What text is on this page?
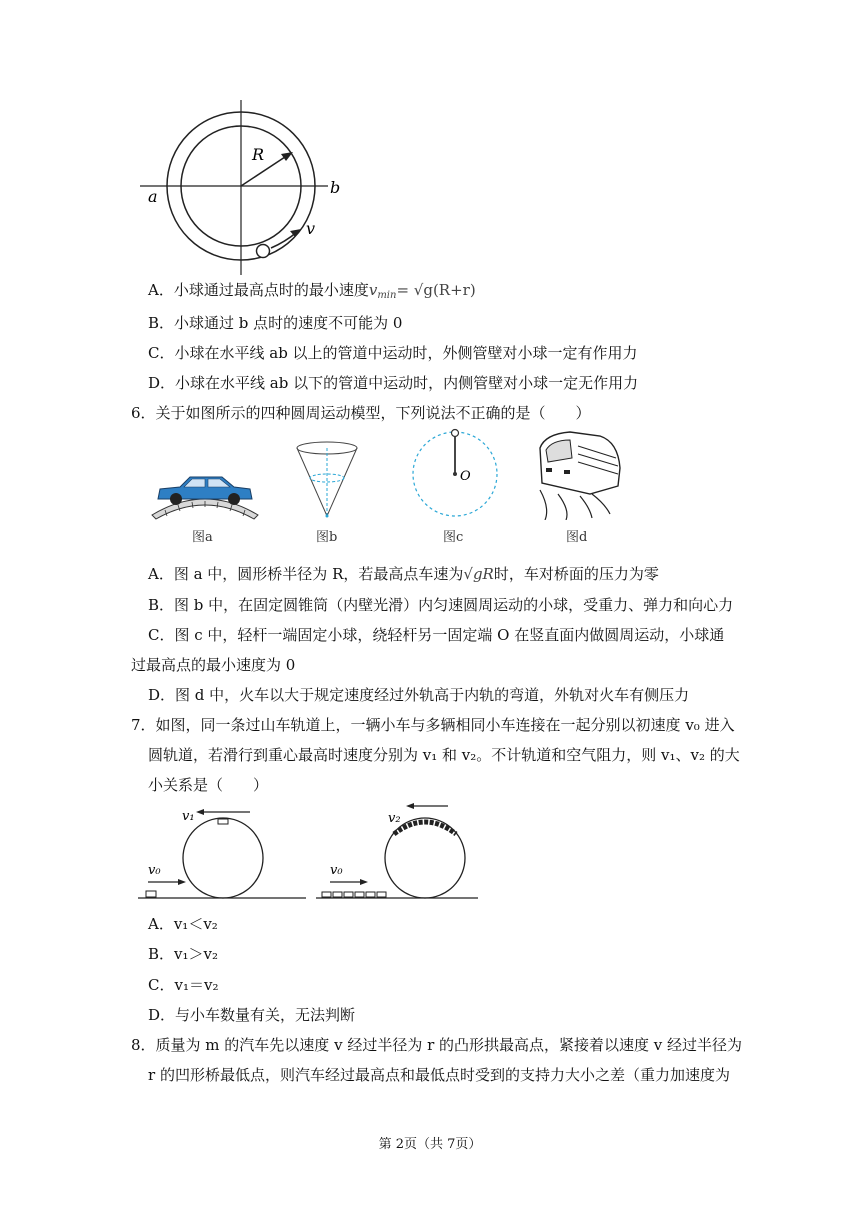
R
a	b
v
A．小球通过最高点时的最小速度$v_{min}= √g(R+r)$
B．小球通过 b 点时的速度不可能为 0
C．小球在水平线 ab 以上的管道中运动时，外侧管壁对小球一定有作用力
D．小球在水平线 ab 以下的管道中运动时，内侧管壁对小球一定无作用力
6．关于如图所示的四种圆周运动模型，下列说法不正确的是（　　）
O
图a	图b	图c	图d
A．图 a 中，圆形桥半径为 R，若最高点车速为√gR时，车对桥面的压力为零
B．图 b 中，在固定圆锥筒（内壁光滑）内匀速圆周运动的小球，受重力、弹力和向心力
C．图 c 中，轻杆一端固定小球，绕轻杆另一固定端 O 在竖直面内做圆周运动，小球通
过最高点的最小速度为 0
D．图 d 中，火车以大于规定速度经过外轨高于内轨的弯道，外轨对火车有侧压力
7．如图，同一条过山车轨道上，一辆小车与多辆相同小车连接在一起分别以初速度 v₀ 进入
圆轨道，若滑行到重心最高时速度分别为 v₁ 和 v₂。不计轨道和空气阻力，则 v₁、v₂ 的大
小关系是（　　）
v₁
v₀
v₂
v₀
A．v₁＜v₂
B．v₁＞v₂
C．v₁＝v₂
D．与小车数量有关，无法判断
8．质量为 m 的汽车先以速度 v 经过半径为 r 的凸形拱最高点，紧接着以速度 v 经过半径为
r 的凹形桥最低点，则汽车经过最高点和最低点时受到的支持力大小之差（重力加速度为
第 2页（共 7页）
